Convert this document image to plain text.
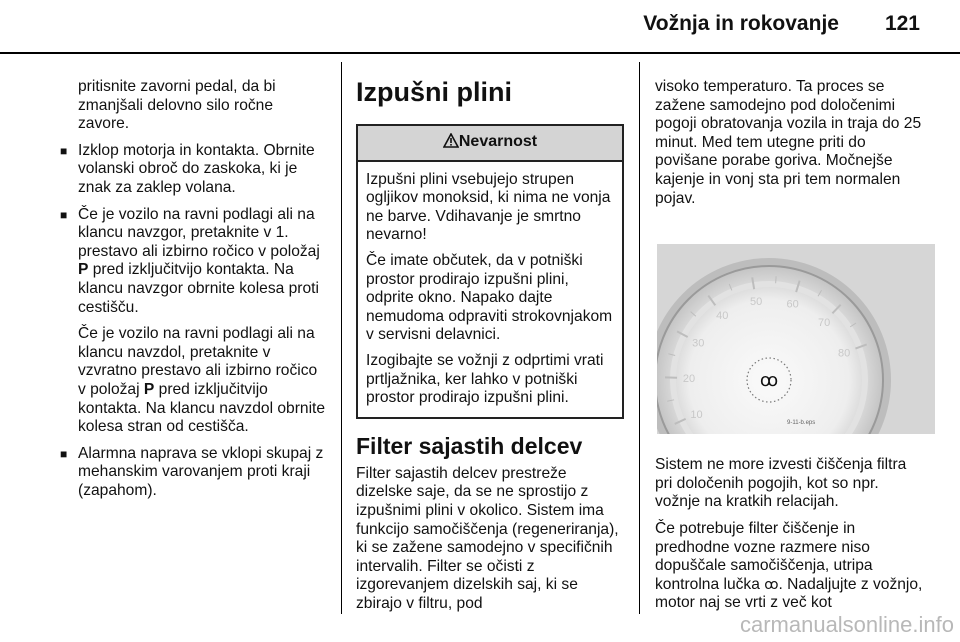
Vožnja in rokovanje 121

pritisnite zavorni pedal, da bi zmanjšali delovno silo ročne zavore.

■ Izklop motorja in kontakta. Obrnite volanski obroč do zaskoka, ki je znak za zaklep volana.

■ Če je vozilo na ravni podlagi ali na klancu navzgor, pretaknite v 1. prestavo ali izbirno ročico v položaj P pred izključitvijo kontakta. Na klancu navzgor obrnite kolesa proti cestišču.

Če je vozilo na ravni podlagi ali na klancu navzdol, pretaknite v vzvratno prestavo ali izbirno ročico v položaj P pred izključitvijo kontakta. Na klancu navzdol obrnite kolesa stran od cestišča.

■ Alarmna naprava se vklopi skupaj z mehanskim varovanjem proti kraji (zapahom).
Izpušni plini
Nevarnost

Izpušni plini vsebujejo strupen ogljikov monoksid, ki nima ne vonja ne barve. Vdihavanje je smrtno nevarno!

Če imate občutek, da v potniški prostor prodirajo izpušni plini, odprite okno. Napako dajte nemudoma odpraviti strokovnjakom v servisni delavnici.

Izogibajte se vožnji z odprtimi vrati prtljažnika, ker lahko v potniški prostor prodirajo izpušni plini.

Filter sajastih delcev

Filter sajastih delcev prestreže dizelske saje, da se ne sprostijo z izpušnimi plini v okolico. Sistem ima funkcijo samočiščenja (regeneriranja), ki se zažene samodejno v specifičnih intervalih. Filter se očisti z izgorevanjem dizelskih saj, ki se zbirajo v filtru, pod

visoko temperaturo. Ta proces se zažene samodejno pod določenimi pogoji obratovanja vozila in traja do 25 minut. Med tem utegne priti do povišane porabe goriva. Močnejše kajenje in vonj sta pri tem normalen pojav.

10
20
30
40
50 60
70
80
ꝏ
9-11-b.eps

Sistem ne more izvesti čiščenja filtra pri določenih pogojih, kot so npr. vožnje na kratkih relacijah.

Če potrebuje filter čiščenje in predhodne vozne razmere niso dopuščale samočiščenja, utripa kontrolna lučka ꝏ. Nadaljujte z vožnjo, motor naj se vrti z več kot

carmanualsonline.info
